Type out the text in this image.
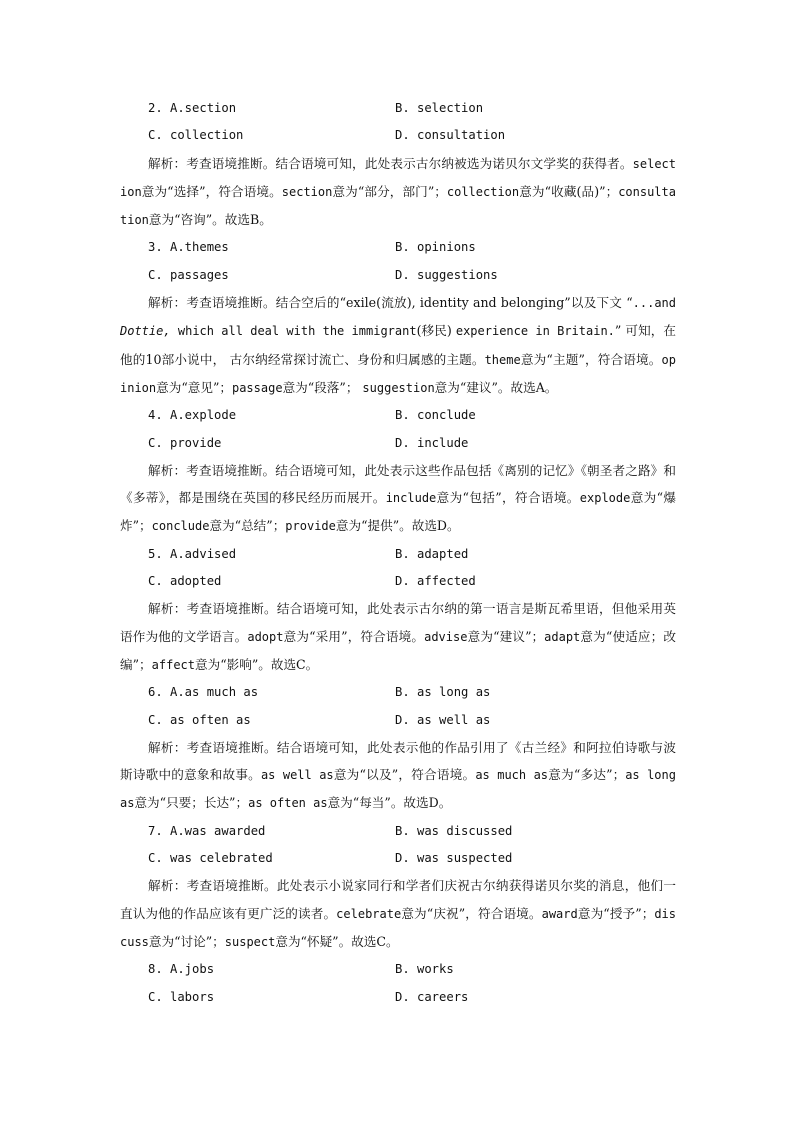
2. A.section	B. selection
C. collection	D. consultation

解析：考查语境推断。结合语境可知，此处表示古尔纳被选为诺贝尔文学奖的获得者。selection意为“选择”，符合语境。section意为“部分，部门”；collection意为“收藏(品)”；consultation意为“咨询”。故选B。

3. A.themes	B. opinions
C. passages	D. suggestions

解析：考查语境推断。结合空后的“exile(流放), identity and belonging”以及下文 “...and Dottie, which all deal with the immigrant(移民) experience in Britain.” 可知，在他的10部小说中， 古尔纳经常探讨流亡、身份和归属感的主题。theme意为“主题”，符合语境。opinion意为“意见”；passage意为“段落”； suggestion意为“建议”。故选A。

4. A.explode	B. conclude
C. provide	D. include

解析：考查语境推断。结合语境可知，此处表示这些作品包括《离别的记忆》《朝圣者之路》和《多蒂》，都是围绕在英国的移民经历而展开。include意为“包括”，符合语境。explode意为“爆炸”；conclude意为“总结”；provide意为“提供”。故选D。

5. A.advised	B. adapted
C. adopted	D. affected

解析：考查语境推断。结合语境可知，此处表示古尔纳的第一语言是斯瓦希里语，但他采用英语作为他的文学语言。adopt意为“采用”，符合语境。advise意为“建议”；adapt意为“使适应；改编”；affect意为“影响”。故选C。

6. A.as much as	B. as long as
C. as often as	D. as well as

解析：考查语境推断。结合语境可知，此处表示他的作品引用了《古兰经》和阿拉伯诗歌与波斯诗歌中的意象和故事。as well as意为“以及”，符合语境。as much as意为“多达”；as long as意为“只要；长达”；as often as意为“每当”。故选D。

7. A.was awarded	B. was discussed
C. was celebrated	D. was suspected

解析：考查语境推断。此处表示小说家同行和学者们庆祝古尔纳获得诺贝尔奖的消息，他们一直认为他的作品应该有更广泛的读者。celebrate意为“庆祝”，符合语境。award意为“授予”；discuss意为“讨论”；suspect意为“怀疑”。故选C。

8. A.jobs	B. works
C. labors	D. careers
